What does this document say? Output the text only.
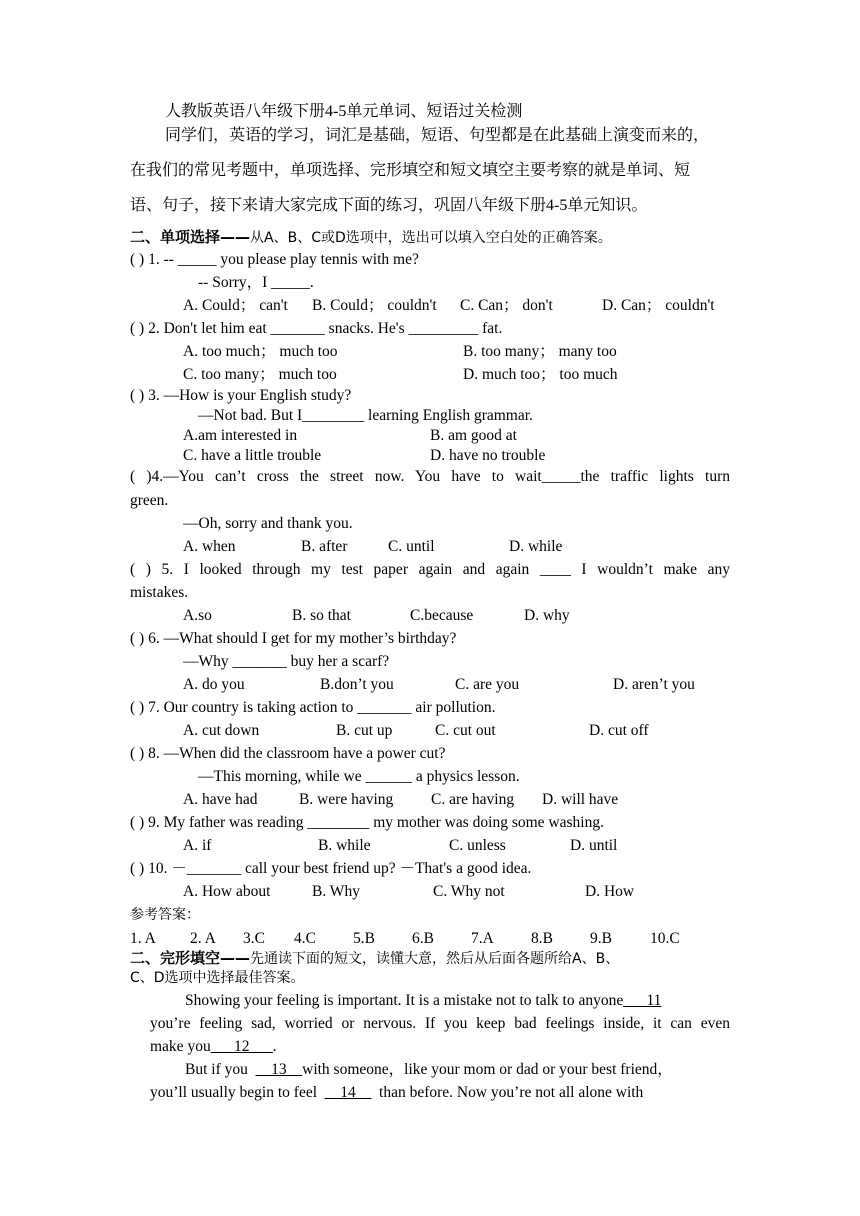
人教版英语八年级下册4-5单元单词、短语过关检测
同学们，英语的学习，词汇是基础，短语、句型都是在此基础上演变而来的，
在我们的常见考题中，单项选择、完形填空和短文填空主要考察的就是单词、短
语、句子，接下来请大家完成下面的练习，巩固八年级下册4-5单元知识。
二、单项选择——从A、B、C或D选项中，选出可以填入空白处的正确答案。
( ) 1. -- _____ you please play tennis with me?
-- Sorry，I _____.
A. Could； can't B. Could； couldn't C. Can； don't	D. Can； couldn't
( ) 2. Don't let him eat _______ snacks. He's _________ fat.
A. too much； much too	B. too many； many too
C. too many； much too	D. much too； too much
( ) 3. —How is your English study?
—Not bad. But I________ learning English grammar.
A.am interested in	B. am good at
C. have a little trouble	D. have no trouble
( )4.—You can’t cross the street now. You have to wait_____the traffic lights turn
green.
—Oh, sorry and thank you.
A. when	B. after	C. until	D. while
( ) 5. I looked through my test paper again and again ____ I wouldn’t make any
mistakes.
A.so	B. so that	C.because	D. why
( ) 6. —What should I get for my mother’s birthday?
—Why _______ buy her a scarf?
A. do you	B.don’t you	C. are you	D. aren’t you
( ) 7. Our country is taking action to _______ air pollution.
A. cut down	B. cut up	C. cut out	D. cut off
( ) 8. —When did the classroom have a power cut?
—This morning, while we ______ a physics lesson.
A. have had	B. were having C. are having D. will have
( ) 9. My father was reading ________ my mother was doing some washing.
A. if	B. while	C. unless	D. until
( ) 10. －_______ call your best friend up? －That's a good idea.
A. How about	B. Why	C. Why not	D. How
参考答案：
1. A 2. A 3.C 4.C 5.B 6.B 7.A 8.B 9.B 10.C
二、完形填空——先通读下面的短文，读懂大意，然后从后面各题所给A、B、
C、D选项中选择最佳答案。
Showing your feeling is important. It is a mistake not to talk to anyone___11
you’re feeling sad, worried or nervous. If you keep bad feelings inside, it can even
make you___12___.
But if you __13__with someone，like your mom or dad or your best friend，
you’ll usually begin to feel __14__ than before. Now you’re not all alone with
